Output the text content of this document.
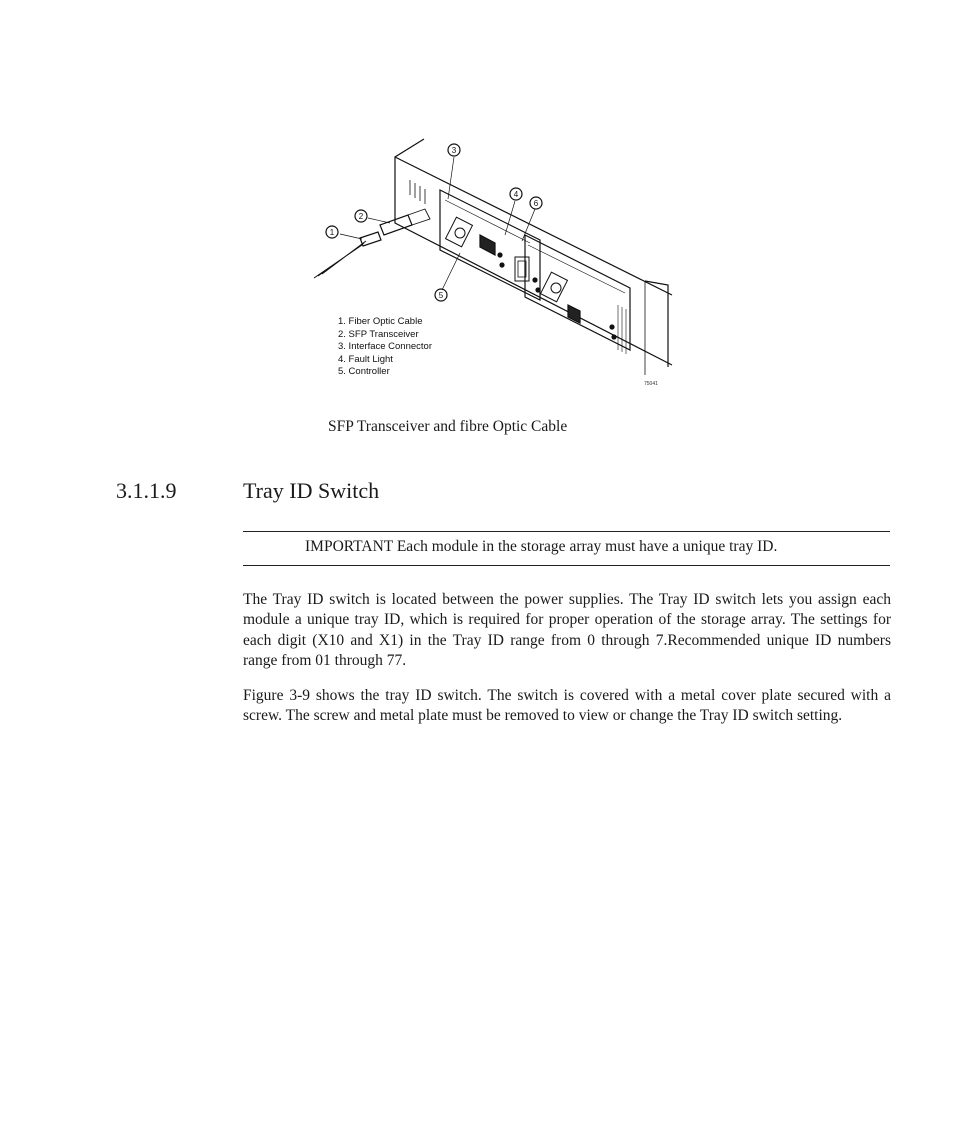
1
2
3
4
6
5
1. Fiber Optic Cable
2. SFP Transceiver
3. Interface Connector
4. Fault Light
5. Controller
75041
SFP Transceiver and fibre Optic Cable
3.1.1.9	Tray ID Switch
IMPORTANT Each module in the storage array must have a unique tray ID.

The Tray ID switch is located between the power supplies. The Tray ID switch lets you assign each module a unique tray ID, which is required for proper operation of the storage array. The settings for each digit (X10 and X1) in the Tray ID range from 0 through 7.Recommended unique ID numbers range from 01 through 77.

Figure 3-9 shows the tray ID switch. The switch is covered with a metal cover plate secured with a screw. The screw and metal plate must be removed to view or change the Tray ID switch setting.
